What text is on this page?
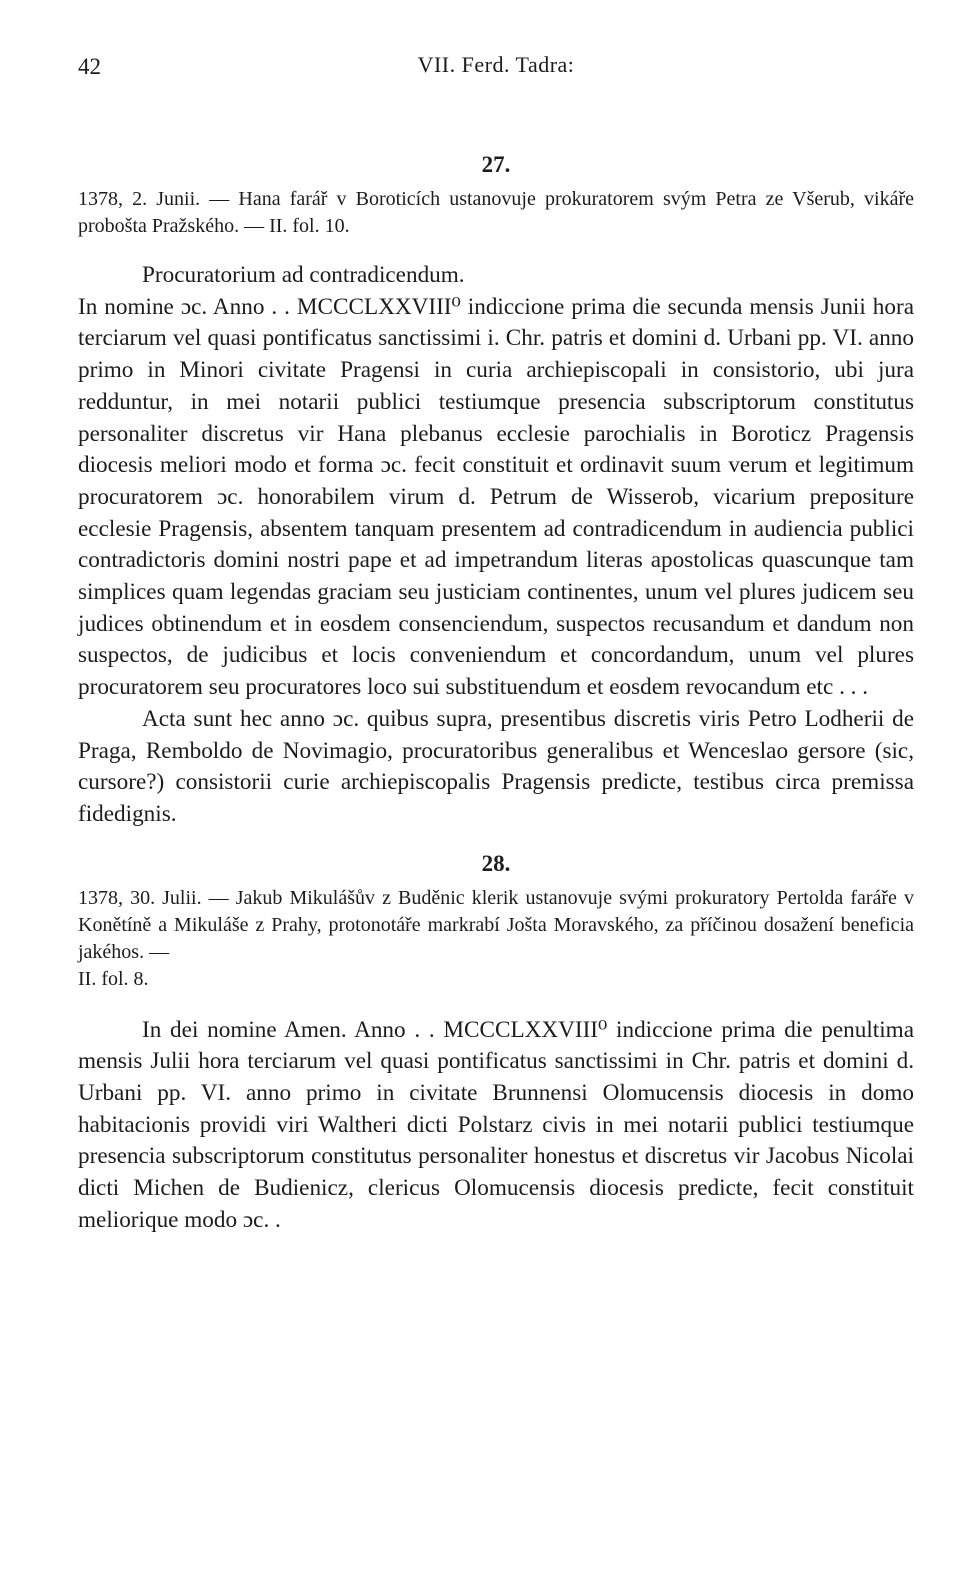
42	VII. Ferd. Tadra:
27.

1378, 2. Junii. — Hana farář v Boroticích ustanovuje prokuratorem svým Petra ze Všerub, vikáře probošta Pražského. — II. fol. 10.

Procuratorium ad contradicendum.

In nomine ɔc. Anno . . MCCCLXXVIII⁰ indiccione prima die secunda mensis Junii hora terciarum vel quasi pontificatus sanctissimi i. Chr. patris et domini d. Urbani pp. VI. anno primo in Minori civitate Pragensi in curia archiepiscopali in consistorio, ubi jura redduntur, in mei notarii publici testiumque presencia subscriptorum constitutus personaliter discretus vir Hana plebanus ecclesie parochialis in Boroticz Pragensis diocesis meliori modo et forma ɔc. fecit constituit et ordinavit suum verum et legitimum procuratorem ɔc. honorabilem virum d. Petrum de Wisserob, vicarium prepositure ecclesie Pragensis, absentem tanquam presentem ad contradicendum in audiencia publici contradictoris domini nostri pape et ad impetrandum literas apostolicas quascunque tam simplices quam legendas graciam seu justiciam continentes, unum vel plures judicem seu judices obtinendum et in eosdem consenciendum, suspectos recusandum et dandum non suspectos, de judicibus et locis conveniendum et concordandum, unum vel plures procuratorem seu procuratores loco sui substituendum et eosdem revocandum etc . . .

Acta sunt hec anno ɔc. quibus supra, presentibus discretis viris Petro Lodherii de Praga, Remboldo de Novimagio, procuratoribus generalibus et Wenceslao gersore (sic, cursore?) consistorii curie archiepiscopalis Pragensis predicte, testibus circa premissa fidedignis.

28.
1378, 30. Julii. — Jakub Mikulášův z Buděnic klerik ustanovuje svými prokuratory Pertolda faráře v Konětíně a Mikuláše z Prahy, protonotáře markrabí Jošta Moravského, za příčinou dosažení beneficia jakéhos. —
II. fol. 8.

In dei nomine Amen. Anno . . MCCCLXXVIII⁰ indiccione prima die penultima mensis Julii hora terciarum vel quasi pontificatus sanctissimi in Chr. patris et domini d. Urbani pp. VI. anno primo in civitate Brunnensi Olomucensis diocesis in domo habitacionis providi viri Waltheri dicti Polstarz civis in mei notarii publici testiumque presencia subscriptorum constitutus personaliter honestus et discretus vir Jacobus Nicolai dicti Michen de Budienicz, clericus Olomucensis diocesis predicte, fecit constituit meliorique modo ɔc. .
